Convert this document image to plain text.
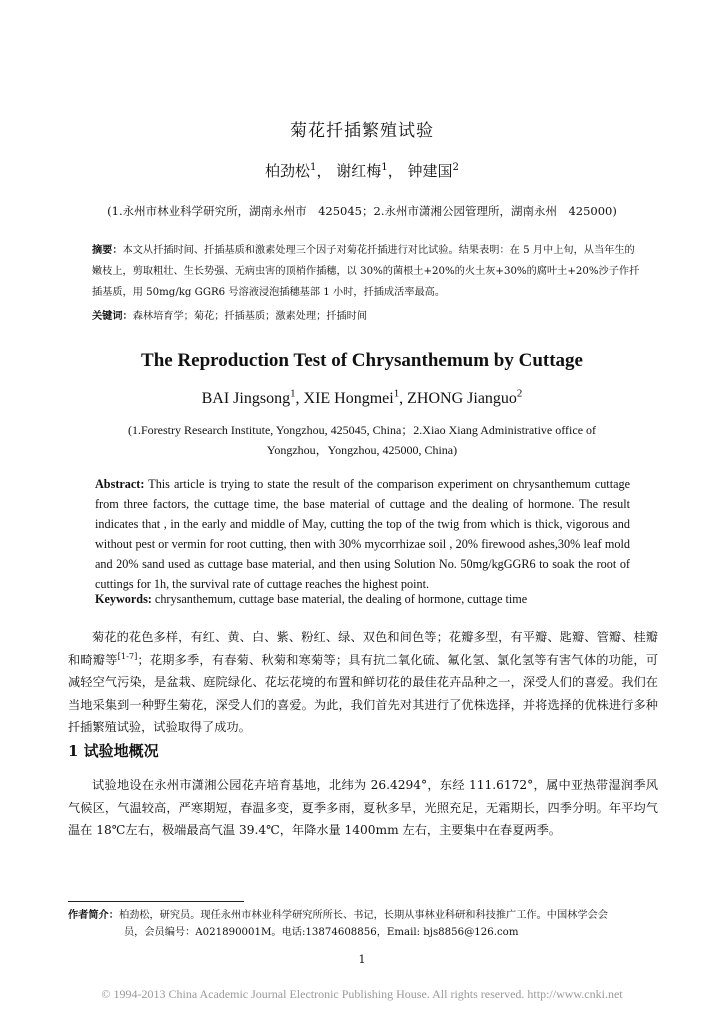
菊花扦插繁殖试验
柏劲松$^1$， 谢红梅$^1$， 钟建国$^2$
(1.永州市林业科学研究所，湖南永州市　425045；2.永州市潇湘公园管理所，湖南永州　425000)
摘要：本文从扦插时间、扦插基质和激素处理三个因子对菊花扦插进行对比试验。结果表明：在 5 月中上旬，从当年生的嫩枝上，剪取粗壮、生长势强、无病虫害的顶梢作插穗，以 30%的菌根土+20%的火土灰+30%的腐叶土+20%沙子作扦插基质，用 50mg/kg GGR6 号溶液浸泡插穗基部 1 小时，扦插成活率最高。
关键词：森林培育学；菊花；扦插基质；激素处理；扦插时间
The Reproduction Test of Chrysanthemum by Cuttage
BAI Jingsong$^1$, XIE Hongmei$^1$, ZHONG Jianguo$^2$
(1.Forestry Research Institute, Yongzhou, 425045, China；2.Xiao Xiang Administrative office of
Yongzhou，Yongzhou, 425000, China)
Abstract: This article is trying to state the result of the comparison experiment on chrysanthemum cuttage from three factors, the cuttage time, the base material of cuttage and the dealing of hormone. The result indicates that , in the early and middle of May, cutting the top of the twig from which is thick, vigorous and without pest or vermin for root cutting, then with 30% mycorrhizae soil , 20% firewood ashes,30% leaf mold and 20% sand used as cuttage base material, and then using Solution No. 50mg/kgGGR6 to soak the root of cuttings for 1h, the survival rate of cuttage reaches the highest point.
Keywords: chrysanthemum, cuttage base material, the dealing of hormone, cuttage time
菊花的花色多样，有红、黄、白、紫、粉红、绿、双色和间色等；花瓣多型，有平瓣、匙瓣、管瓣、桂瓣和畸瓣等[1-7]；花期多季，有春菊、秋菊和寒菊等；具有抗二氧化硫、氟化氢、氯化氢等有害气体的功能，可减轻空气污染，是盆栽、庭院绿化、花坛花境的布置和鲜切花的最佳花卉品种之一，深受人们的喜爱。我们在当地采集到一种野生菊花，深受人们的喜爱。为此，我们首先对其进行了优株选择，并将选择的优株进行多种扦插繁殖试验，试验取得了成功。
1 试验地概况
试验地设在永州市潇湘公园花卉培育基地，北纬为 26.4294°，东经 111.6172°，属中亚热带湿润季风气候区，气温较高，严寒期短，春温多变，夏季多雨，夏秋多旱，光照充足，无霜期长，四季分明。年平均气温在 18℃左右，极端最高气温 39.4℃，年降水量 1400mm 左右，主要集中在春夏两季。
作者简介：柏劲松，研究员。现任永州市林业科学研究所所长、书记，长期从事林业科研和科技推广工作。中国林学会会
员，会员编号：A021890001M。电话:13874608856，Email: bjs8856@126.com
1
© 1994-2013 China Academic Journal Electronic Publishing House. All rights reserved. http://www.cnki.net
